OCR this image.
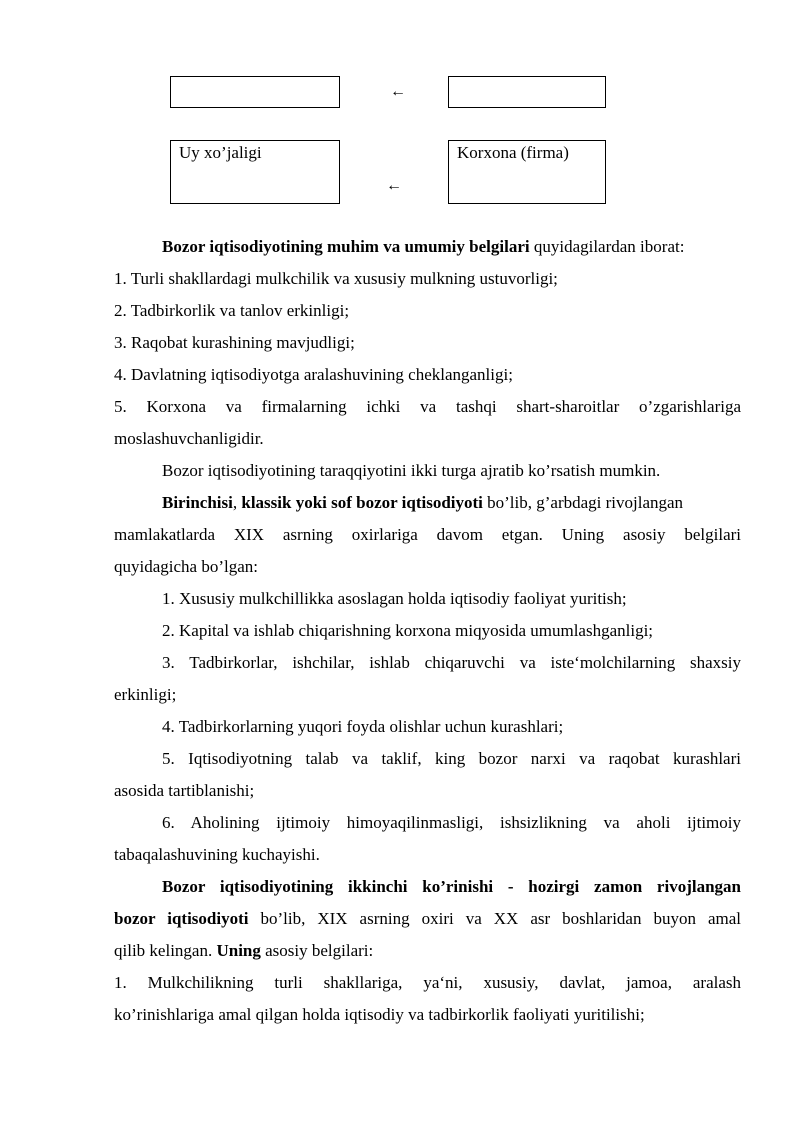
←
Uy xo’jaligi	Korxona (firma)
←
Bozor iqtisodiyotining muhim va umumiy belgilari quyidagilardan iborat:
1. Turli shakllardagi mulkchilik va xususiy mulkning ustuvorligi;
2. Tadbirkorlik va tanlov erkinligi;
3. Raqobat kurashining mavjudligi;
4. Davlatning iqtisodiyotga aralashuvining cheklanganligi;
5. Korxona va firmalarning ichki va tashqi shart-sharoitlar o’zgarishlariga
moslashuvchanligidir.
Bozor iqtisodiyotining taraqqiyotini ikki turga ajratib ko’rsatish mumkin.
Birinchisi, klassik yoki sof bozor iqtisodiyoti bo’lib, g’arbdagi rivojlangan
mamlakatlarda XIX asrning oxirlariga davom etgan. Uning asosiy belgilari
quyidagicha bo’lgan:
1. Xususiy mulkchillikka asoslagan holda iqtisodiy faoliyat yuritish;
2. Kapital va ishlab chiqarishning korxona miqyosida umumlashganligi;
3. Tadbirkorlar, ishchilar, ishlab chiqaruvchi va iste‘molchilarning shaxsiy
erkinligi;
4. Tadbirkorlarning yuqori foyda olishlar uchun kurashlari;
5. Iqtisodiyotning talab va taklif, king bozor narxi va raqobat kurashlari
asosida tartiblanishi;
6. Aholining ijtimoiy himoyaqilinmasligi, ishsizlikning va aholi ijtimoiy
tabaqalashuvining kuchayishi.
Bozor iqtisodiyotining ikkinchi ko’rinishi - hozirgi zamon rivojlangan
bozor iqtisodiyoti bo’lib, XIX asrning oxiri va XX asr boshlaridan buyon amal
qilib kelingan. Uning asosiy belgilari:
1. Mulkchilikning turli shakllariga, ya‘ni, xususiy, davlat, jamoa, aralash
ko’rinishlariga amal qilgan holda iqtisodiy va tadbirkorlik faoliyati yuritilishi;
